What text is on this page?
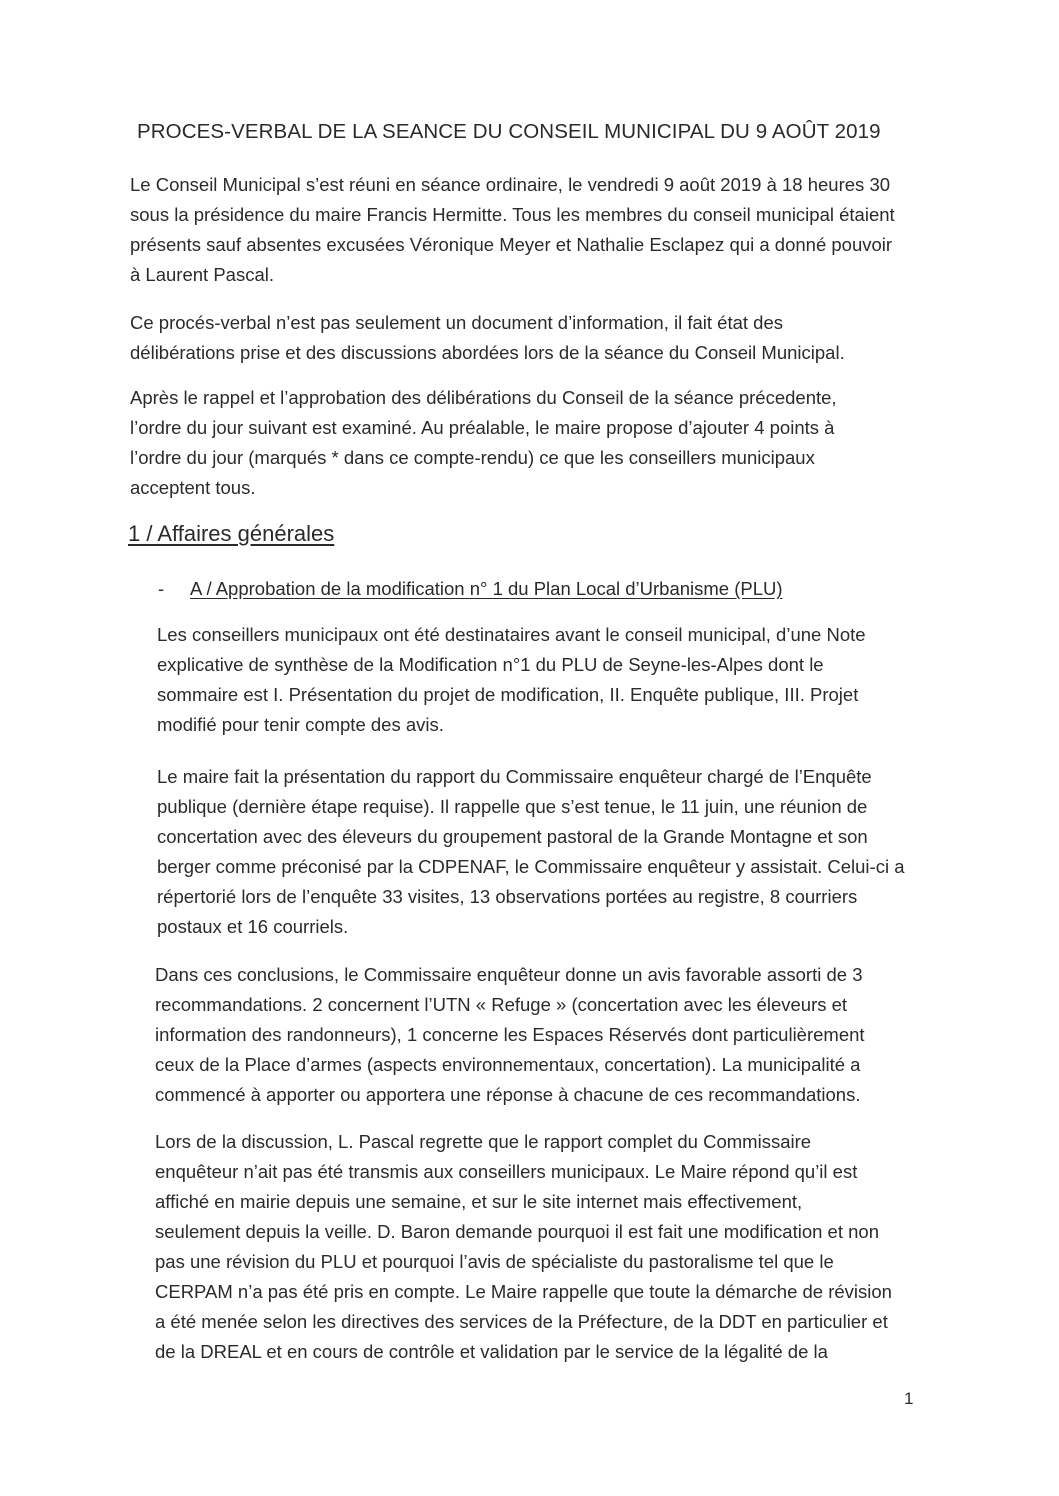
PROCES-VERBAL DE LA SEANCE DU CONSEIL MUNICIPAL DU 9 AOÛT 2019
Le Conseil Municipal s’est réuni en séance ordinaire, le vendredi 9 août 2019 à 18 heures 30
sous la présidence du maire Francis Hermitte. Tous les membres du conseil municipal étaient
présents sauf absentes excusées Véronique Meyer et Nathalie Esclapez qui a donné pouvoir
à Laurent Pascal.
Ce procés-verbal n’est pas seulement un document d’information, il fait état des
délibérations prise et des discussions abordées lors de la séance du Conseil Municipal.
Après le rappel et l’approbation des délibérations du Conseil de la séance précedente,
l’ordre du jour suivant est examiné. Au préalable, le maire propose d’ajouter 4 points à
l’ordre du jour (marqués * dans ce compte-rendu) ce que les conseillers municipaux
acceptent tous.
1 / Affaires générales
- A / Approbation de la modification n° 1 du Plan Local d’Urbanisme (PLU)
Les conseillers municipaux ont été destinataires avant le conseil municipal, d’une Note
explicative de synthèse de la Modification n°1 du PLU de Seyne-les-Alpes dont le
sommaire est I. Présentation du projet de modification, II. Enquête publique, III. Projet
modifié pour tenir compte des avis.
Le maire fait la présentation du rapport du Commissaire enquêteur chargé de l’Enquête
publique (dernière étape requise). Il rappelle que s’est tenue, le 11 juin, une réunion de
concertation avec des éleveurs du groupement pastoral de la Grande Montagne et son
berger comme préconisé par la CDPENAF, le Commissaire enquêteur y assistait. Celui-ci a
répertorié lors de l’enquête 33 visites, 13 observations portées au registre, 8 courriers
postaux et 16 courriels.
Dans ces conclusions, le Commissaire enquêteur donne un avis favorable assorti de 3
recommandations. 2 concernent l’UTN « Refuge » (concertation avec les éleveurs et
information des randonneurs), 1 concerne les Espaces Réservés dont particulièrement
ceux de la Place d’armes (aspects environnementaux, concertation). La municipalité a
commencé à apporter ou apportera une réponse à chacune de ces recommandations.
Lors de la discussion, L. Pascal regrette que le rapport complet du Commissaire
enquêteur n’ait pas été transmis aux conseillers municipaux. Le Maire répond qu’il est
affiché en mairie depuis une semaine, et sur le site internet mais effectivement,
seulement depuis la veille. D. Baron demande pourquoi il est fait une modification et non
pas une révision du PLU et pourquoi l’avis de spécialiste du pastoralisme tel que le
CERPAM n’a pas été pris en compte. Le Maire rappelle que toute la démarche de révision
a été menée selon les directives des services de la Préfecture, de la DDT en particulier et
de la DREAL et en cours de contrôle et validation par le service de la légalité de la
1
